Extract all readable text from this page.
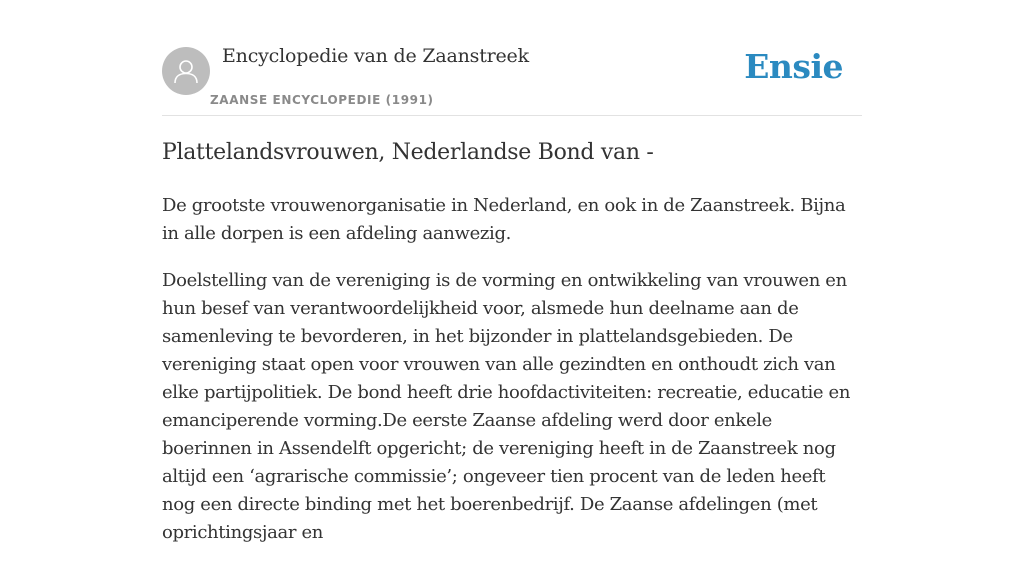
Encyclopedie van de Zaanstreek
ZAANSE ENCYCLOPEDIE (1991)
Ensie
Plattelandsvrouwen, Nederlandse Bond van -

De grootste vrouwenorganisatie in Nederland, en ook in de Zaanstreek. Bijna in alle dorpen is een afdeling aanwezig.

Doelstelling van de vereniging is de vorming en ontwikkeling van vrouwen en hun besef van verantwoordelijkheid voor, alsmede hun deelname aan de samenleving te bevorderen, in het bijzonder in plattelandsgebieden. De vereniging staat open voor vrouwen van alle gezindten en onthoudt zich van elke partijpolitiek. De bond heeft drie hoofdactiviteiten: recreatie, educatie en emanciperende vorming.De eerste Zaanse afdeling werd door enkele boerinnen in Assendelft opgericht; de vereniging heeft in de Zaanstreek nog altijd een ‘agrarische commissie’; ongeveer tien procent van de leden heeft nog een directe binding met het boerenbedrijf. De Zaanse afdelingen (met oprichtingsjaar en
